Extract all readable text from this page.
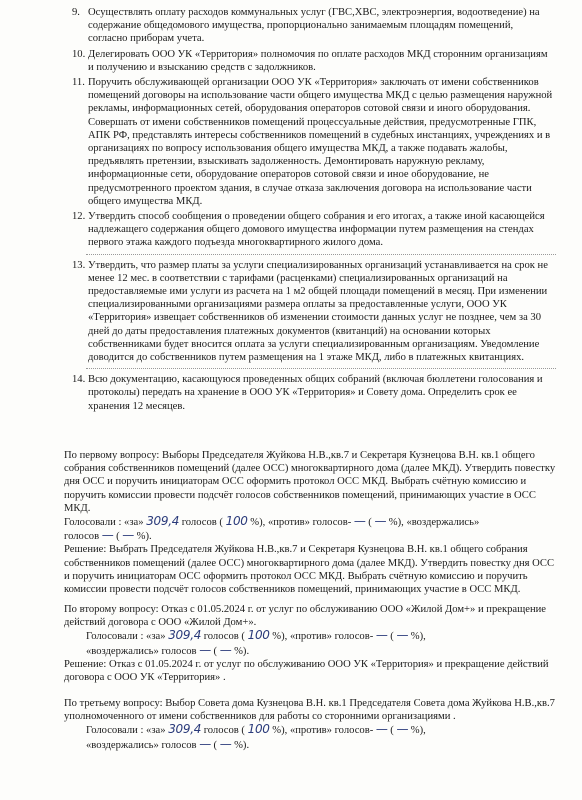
9. Осуществлять оплату расходов коммунальных услуг (ГВС,ХВС, электроэнергия, водоотведение) на содержание общедомового имущества, пропорционально занимаемым площадям помещений, согласно приборам учета.
10. Делегировать ООО УК «Территория» полномочия по оплате расходов МКД сторонним организациям и получению и взысканию средств с задолжников.
11. Поручить обслуживающей организации ООО УК «Территория» заключать от имени собственников помещений договоры на использование части общего имущества МКД с целью размещения наружной рекламы, информационных сетей, оборудования операторов сотовой связи и иного оборудования. Совершать от имени собственников помещений процессуальные действия, предусмотренные ГПК, АПК РФ, представлять интересы собственников помещений в судебных инстанциях, учреждениях и в организациях по вопросу использования общего имущества МКД, а также подавать жалобы, предъявлять претензии, взыскивать задолженность. Демонтировать наружную рекламу, информационные сети, оборудование операторов сотовой связи и иное оборудование, не предусмотренного проектом здания, в случае отказа заключения договора на использование части общего имущества МКД.
12. Утвердить способ сообщения о проведении общего собрания и его итогах, а также иной касающейся надлежащего содержания общего домового имущества информации путем размещения на стендах первого этажа каждого подъезда многоквартирного жилого дома.
13. Утвердить, что размер платы за услуги специализированных организаций устанавливается на срок не менее 12 мес. в соответствии с тарифами (расценками) специализированных организаций на предоставляемые ими услуги из расчета на 1 м2 общей площади помещений в месяц. При изменении специализированными организациями размера оплаты за предоставленные услуги, ООО УК «Территория» извещает собственников об изменении стоимости данных услуг не позднее, чем за 30 дней до даты предоставления платежных документов (квитанций) на основании которых собственниками будет вносится оплата за услуги специализированным организациям. Уведомление доводится до собственников путем размещения на 1 этаже МКД, либо в платежных квитанциях.
14. Всю документацию, касающуюся проведенных общих собраний (включая бюллетени голосования и протоколы) передать на хранение в ООО УК «Территория» и Совету дома. Определить срок ее хранения 12 месяцев.

По первому вопросу: Выборы Председателя Жуйкова Н.В.,кв.7 и Секретаря Кузнецова В.Н. кв.1 общего собрания собственников помещений (далее ОСС) многоквартирного дома (далее МКД). Утвердить повестку дня ОСС и поручить инициаторам ОСС оформить протокол ОСС МКД. Выбрать счётную комиссию и поручить комиссии провести подсчёт голосов собственников помещений, принимающих участие в ОСС МКД.

Голосовали : «за» 309,4 голосов ( 100 %), «против» голосов- — ( — %), «воздержались»

голосов — ( — %).

Решение: Выбрать Председателя Жуйкова Н.В.,кв.7 и Секретаря Кузнецова В.Н. кв.1 общего собрания собственников помещений (далее ОСС) многоквартирного дома (далее МКД). Утвердить повестку дня ОСС и поручить инициаторам ОСС оформить протокол ОСС МКД. Выбрать счётную комиссию и поручить комиссии провести подсчёт голосов собственников помещений, принимающих участие в ОСС МКД.

По второму вопросу: Отказ с 01.05.2024 г. от услуг по обслуживанию ООО «Жилой Дом+» и прекращение действий договора с ООО «Жилой Дом+».

Голосовали : «за» 309,4 голосов ( 100 %), «против» голосов- — ( — %),

«воздержались» голосов — ( — %).

Решение: Отказ с 01.05.2024 г. от услуг по обслуживанию ООО УК «Территория» и прекращение действий договора с ООО УК «Территория» .

По третьему вопросу: Выбор Совета дома Кузнецова В.Н. кв.1 Председателя Совета дома Жуйкова Н.В.,кв.7 уполномоченного от имени собственников для работы со сторонними организациями .

Голосовали : «за» 309,4 голосов ( 100 %), «против» голосов- — ( — %),

«воздержались» голосов — ( — %).
